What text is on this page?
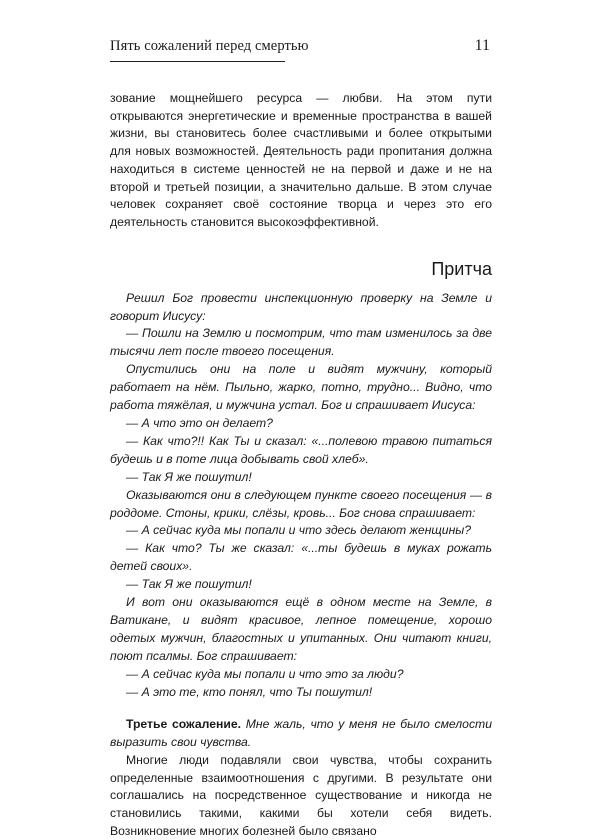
Пять сожалений перед смертью	11

зование мощнейшего ресурса — любви. На этом пути открываются энергетические и временные пространства в вашей жизни, вы становитесь более счастливыми и более открытыми для новых возможностей. Деятельность ради пропитания должна находиться в системе ценностей не на первой и даже и не на второй и третьей позиции, а значительно дальше. В этом случае человек сохраняет своё состояние творца и через это его деятельность становится высокоэффективной.

Притча

Решил Бог провести инспекционную проверку на Земле и говорит Иисусу:

— Пошли на Землю и посмотрим, что там изменилось за две тысячи лет после твоего посещения.

Опустились они на поле и видят мужчину, который работает на нём. Пыльно, жарко, потно, трудно... Видно, что работа тяжёлая, и мужчина устал. Бог и спрашивает Иисуса:

— А что это он делает?

— Как что?!! Как Ты и сказал: «...полевою травою питаться будешь и в поте лица добывать свой хлеб».

— Так Я же пошутил!

Оказываются они в следующем пункте своего посещения — в роддоме. Стоны, крики, слёзы, кровь... Бог снова спрашивает:

— А сейчас куда мы попали и что здесь делают женщины?

— Как что? Ты же сказал: «...ты будешь в муках рожать детей своих».

— Так Я же пошутил!

И вот они оказываются ещё в одном месте на Земле, в Ватикане, и видят красивое, лепное помещение, хорошо одетых мужчин, благостных и упитанных. Они читают книги, поют псалмы. Бог спрашивает:

— А сейчас куда мы попали и что это за люди?

— А это те, кто понял, что Ты пошутил!

Третье сожаление. Мне жаль, что у меня не было смелости выразить свои чувства.

Многие люди подавляли свои чувства, чтобы сохранить определенные взаимоотношения с другими. В результате они соглашались на посредственное существование и никогда не становились такими, какими бы хотели себя видеть. Возникновение многих болезней было связано
